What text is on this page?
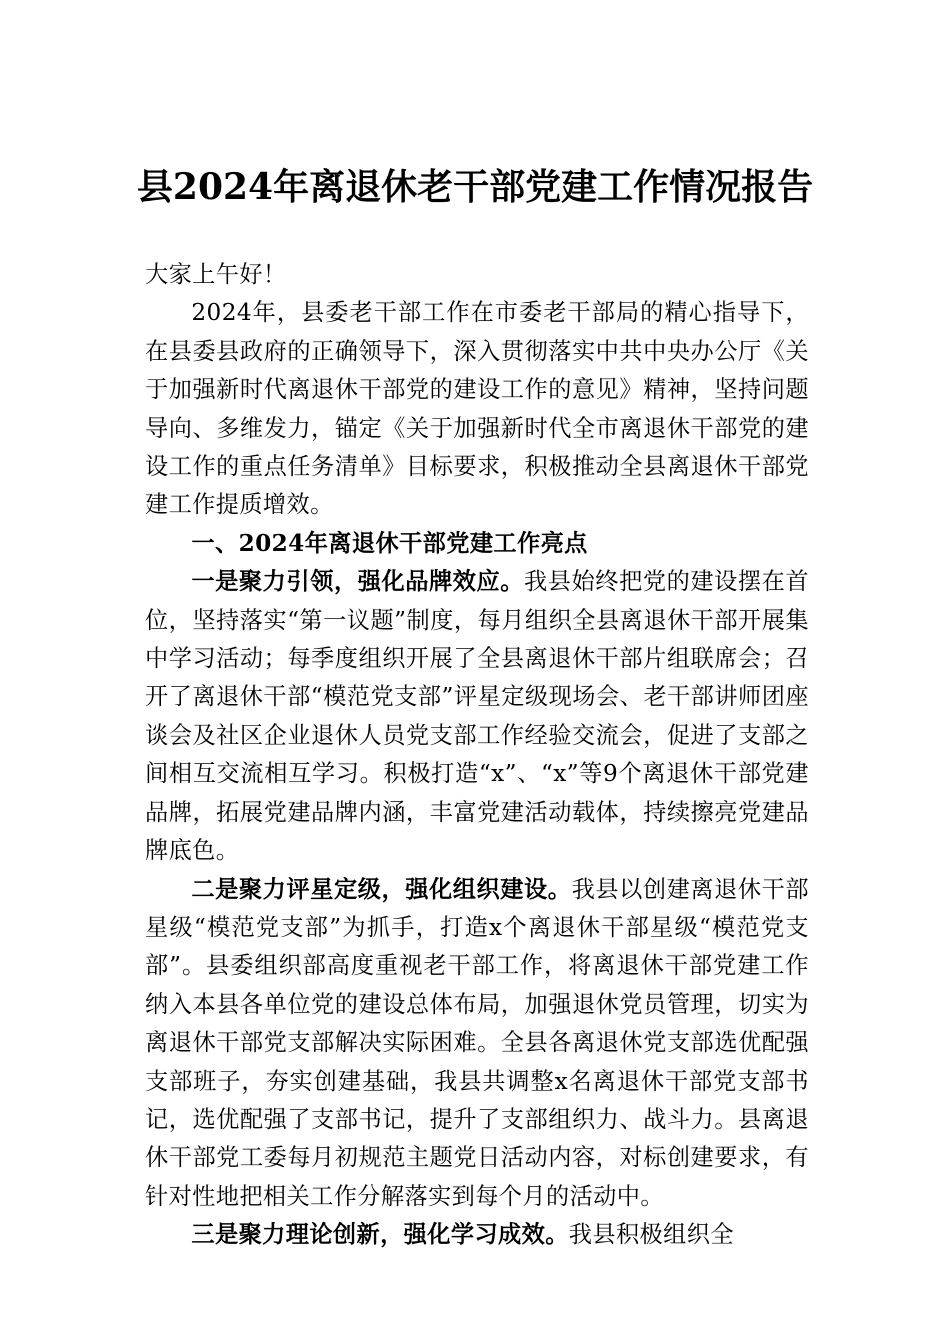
县2024年离退休老干部党建工作情况报告

大家上午好！

2024年，县委老干部工作在市委老干部局的精心指导下，在县委县政府的正确领导下，深入贯彻落实中共中央办公厅《关于加强新时代离退休干部党的建设工作的意见》精神，坚持问题导向、多维发力，锚定《关于加强新时代全市离退休干部党的建设工作的重点任务清单》目标要求，积极推动全县离退休干部党建工作提质增效。

一、2024年离退休干部党建工作亮点

一是聚力引领，强化品牌效应。我县始终把党的建设摆在首位，坚持落实“第一议题”制度，每月组织全县离退休干部开展集中学习活动；每季度组织开展了全县离退休干部片组联席会；召开了离退休干部“模范党支部”评星定级现场会、老干部讲师团座谈会及社区企业退休人员党支部工作经验交流会，促进了支部之间相互交流相互学习。积极打造“x”、“x”等9个离退休干部党建品牌，拓展党建品牌内涵，丰富党建活动载体，持续擦亮党建品牌底色。

二是聚力评星定级，强化组织建设。我县以创建离退休干部星级“模范党支部”为抓手，打造x个离退休干部星级“模范党支部”。县委组织部高度重视老干部工作，将离退休干部党建工作纳入本县各单位党的建设总体布局，加强退休党员管理，切实为离退休干部党支部解决实际困难。全县各离退休党支部选优配强支部班子，夯实创建基础，我县共调整x名离退休干部党支部书记，选优配强了支部书记，提升了支部组织力、战斗力。县离退休干部党工委每月初规范主题党日活动内容，对标创建要求，有针对性地把相关工作分解落实到每个月的活动中。

三是聚力理论创新，强化学习成效。我县积极组织全
